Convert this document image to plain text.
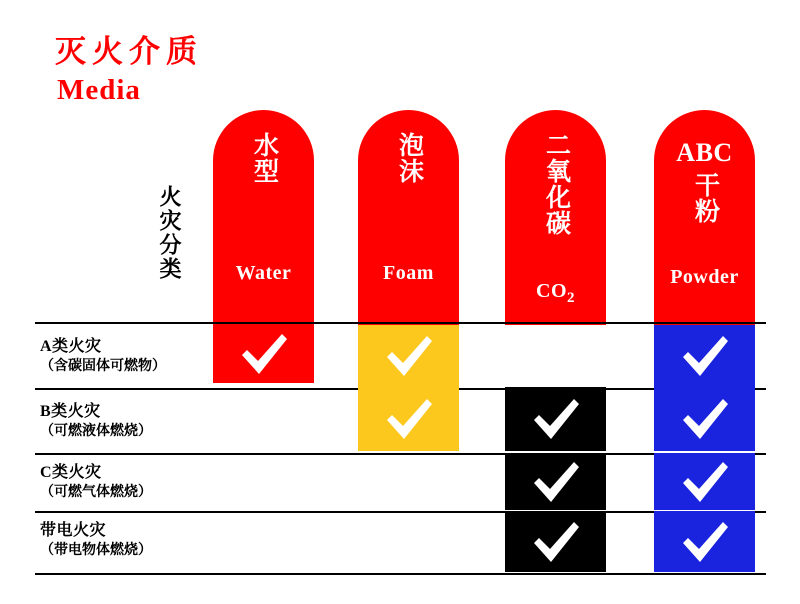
灭火介质
Media
火灾分类
水型
Water
泡沫
Foam
二氧化碳
$CO_2$
ABC
干粉
Powder
A类火灾
（含碳固体可燃物）
B类火灾
（可燃液体燃烧）
C类火灾
（可燃气体燃烧）
带电火灾
（带电物体燃烧）
